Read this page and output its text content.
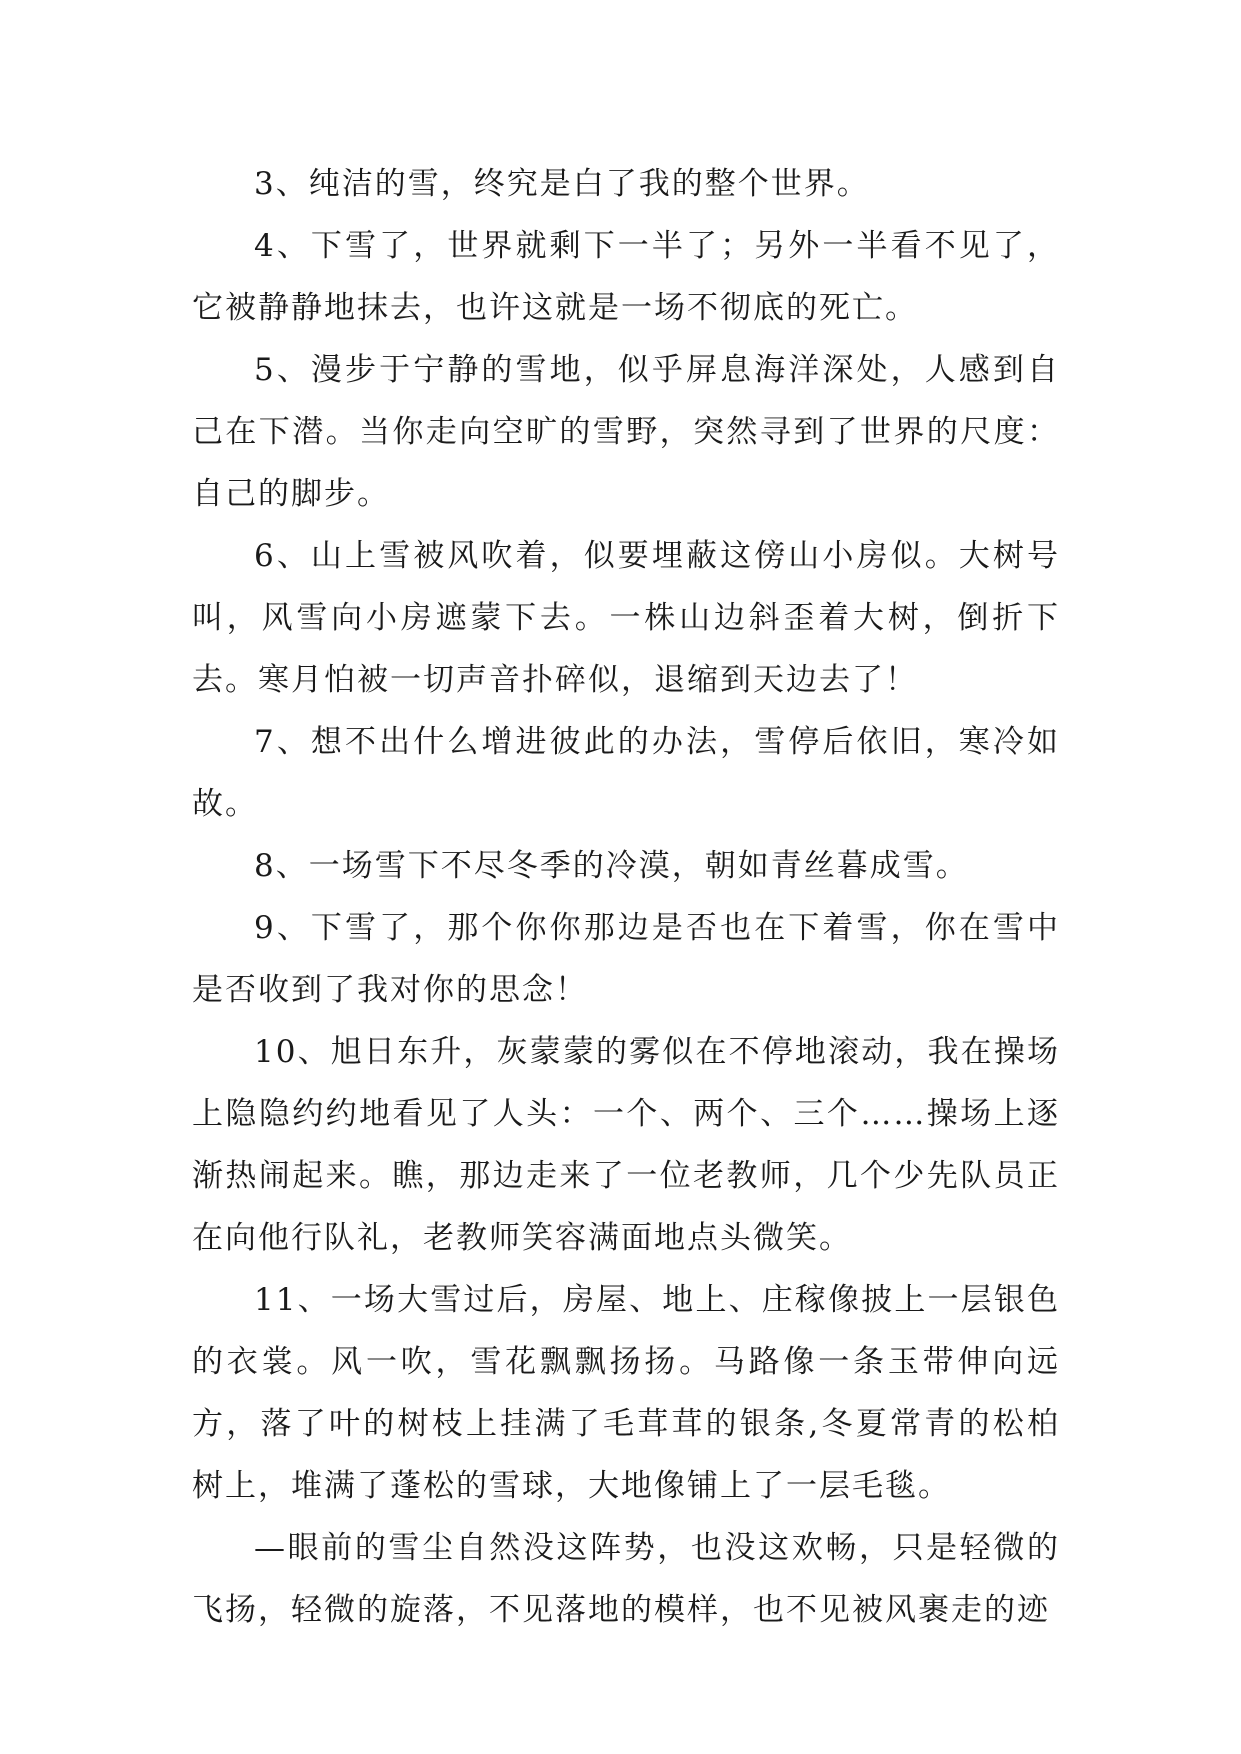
3、纯洁的雪，终究是白了我的整个世界。

4、下雪了，世界就剩下一半了；另外一半看不见了，它被静静地抹去，也许这就是一场不彻底的死亡。

5、漫步于宁静的雪地，似乎屏息海洋深处，人感到自己在下潜。当你走向空旷的雪野，突然寻到了世界的尺度：自己的脚步。

6、山上雪被风吹着，似要埋蔽这傍山小房似。大树号叫，风雪向小房遮蒙下去。一株山边斜歪着大树，倒折下去。寒月怕被一切声音扑碎似，退缩到天边去了！

7、想不出什么增进彼此的办法，雪停后依旧，寒冷如故。

8、一场雪下不尽冬季的冷漠，朝如青丝暮成雪。

9、下雪了，那个你你那边是否也在下着雪，你在雪中是否收到了我对你的思念！

10、旭日东升，灰蒙蒙的雾似在不停地滚动，我在操场上隐隐约约地看见了人头：一个、两个、三个……操场上逐渐热闹起来。瞧，那边走来了一位老教师，几个少先队员正在向他行队礼，老教师笑容满面地点头微笑。

11、一场大雪过后，房屋、地上、庄稼像披上一层银色的衣裳。风一吹，雪花飘飘扬扬。马路像一条玉带伸向远方，落了叶的树枝上挂满了毛茸茸的银条,冬夏常青的松柏树上，堆满了蓬松的雪球，大地像铺上了一层毛毯。

—眼前的雪尘自然没这阵势，也没这欢畅，只是轻微的飞扬，轻微的旋落，不见落地的模样，也不见被风裹走的迹
